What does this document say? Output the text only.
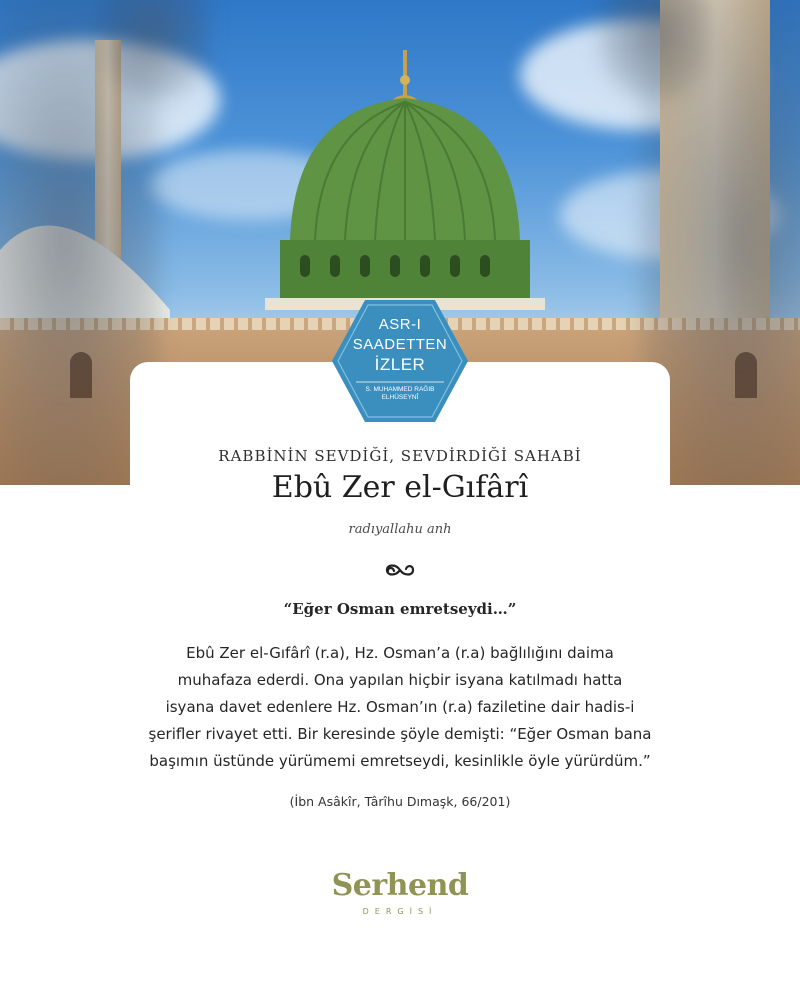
ASR-I
SAADETTEN
İZLER
S. MUHAMMED RAĞIB
ELHÜSEYNÎ
RABBİNİN SEVDİĞİ, SEVDİRDİĞİ SAHABİ
Ebû Zer el-Gıfârî
radıyallahu anh
“Eğer Osman emretseydi…”
Ebû Zer el-Gıfârî (r.a), Hz. Osman’a (r.a) bağlılığını daima
muhafaza ederdi. Ona yapılan hiçbir isyana katılmadı hatta
isyana davet edenlere Hz. Osman’ın (r.a) faziletine dair hadis-i
şerifler rivayet etti. Bir keresinde şöyle demişti: “Eğer Osman bana
başımın üstünde yürümemi emretseydi, kesinlikle öyle yürürdüm.”
(İbn Asâkîr, Târîhu Dımaşk, 66/201)
Serhend
DERGİSİ
